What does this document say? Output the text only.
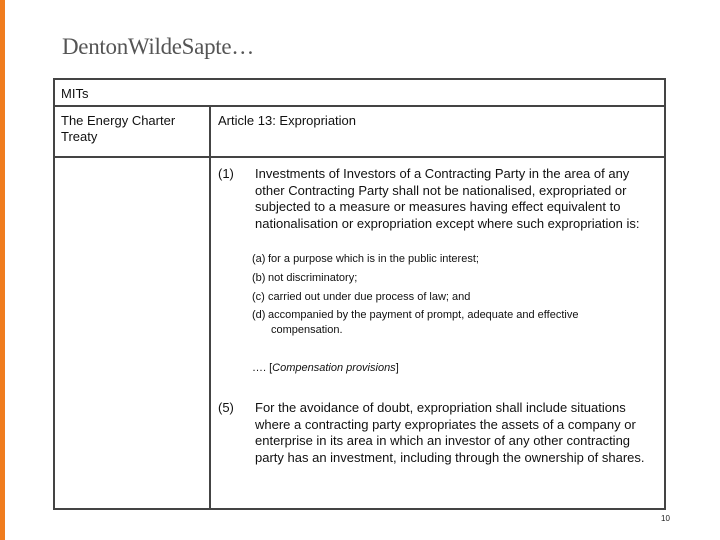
DentonWildeSapte…
MITs
The Energy Charter Treaty
Article 13: Expropriation
(1) Investments of Investors of a Contracting Party in the area of any other Contracting Party shall not be nationalised, expropriated or subjected to a measure or measures having effect equivalent to nationalisation or expropriation except where such expropriation is:
(a) for a purpose which is in the public interest;
(b) not discriminatory;
(c) carried out under due process of law; and
(d) accompanied by the payment of prompt, adequate and effective
compensation.
…. [Compensation provisions]
(5) For the avoidance of doubt, expropriation shall include situations where a contracting party expropriates the assets of a company or enterprise in its area in which an investor of any other contracting party has an investment, including through the ownership of shares.
10
